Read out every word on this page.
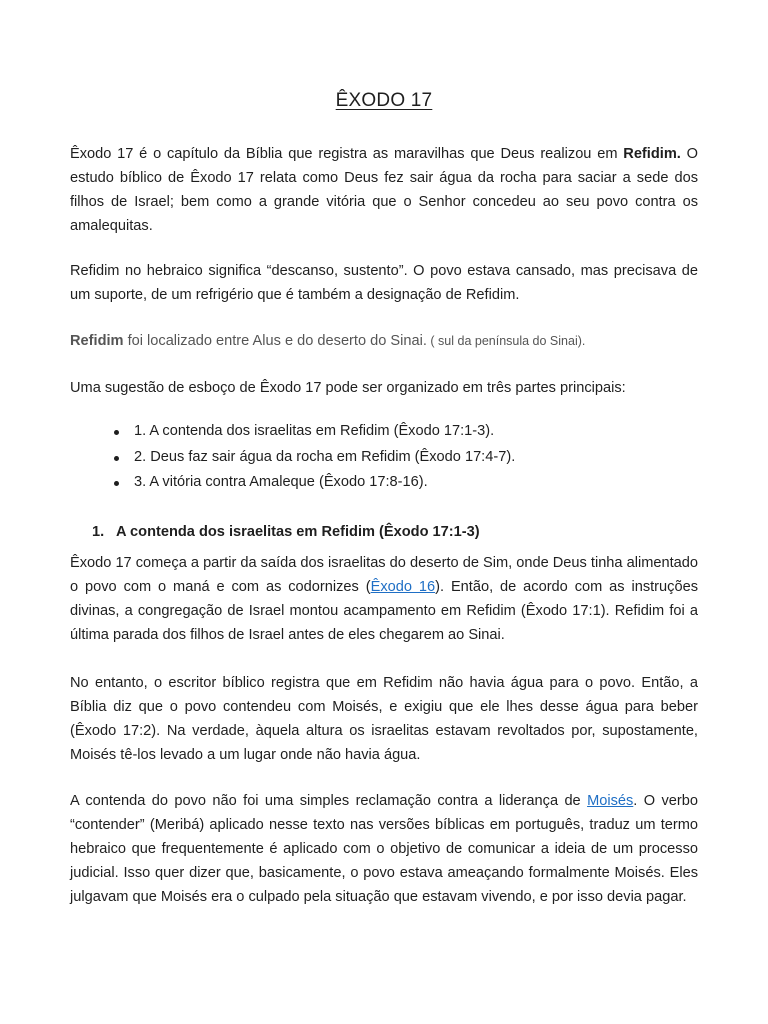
ÊXODO 17

Êxodo 17 é o capítulo da Bíblia que registra as maravilhas que Deus realizou em Refidim. O estudo bíblico de Êxodo 17 relata como Deus fez sair água da rocha para saciar a sede dos filhos de Israel; bem como a grande vitória que o Senhor concedeu ao seu povo contra os amalequitas.

Refidim no hebraico significa “descanso, sustento”. O povo estava cansado, mas precisava de um suporte, de um refrigério que é também a designação de Refidim.

Refidim foi localizado entre Alus e do deserto do Sinai. ( sul da península do Sinai).

Uma sugestão de esboço de Êxodo 17 pode ser organizado em três partes principais:

1. A contenda dos israelitas em Refidim (Êxodo 17:1-3).
2. Deus faz sair água da rocha em Refidim (Êxodo 17:4-7).
3. A vitória contra Amaleque (Êxodo 17:8-16).
1. A contenda dos israelitas em Refidim (Êxodo 17:1-3)

Êxodo 17 começa a partir da saída dos israelitas do deserto de Sim, onde Deus tinha alimentado o povo com o maná e com as codornizes (Êxodo 16). Então, de acordo com as instruções divinas, a congregação de Israel montou acampamento em Refidim (Êxodo 17:1). Refidim foi a última parada dos filhos de Israel antes de eles chegarem ao Sinai.

No entanto, o escritor bíblico registra que em Refidim não havia água para o povo. Então, a Bíblia diz que o povo contendeu com Moisés, e exigiu que ele lhes desse água para beber (Êxodo 17:2). Na verdade, àquela altura os israelitas estavam revoltados por, supostamente, Moisés tê-los levado a um lugar onde não havia água.

A contenda do povo não foi uma simples reclamação contra a liderança de Moisés. O verbo “contender” (Meribá) aplicado nesse texto nas versões bíblicas em português, traduz um termo hebraico que frequentemente é aplicado com o objetivo de comunicar a ideia de um processo judicial. Isso quer dizer que, basicamente, o povo estava ameaçando formalmente Moisés. Eles julgavam que Moisés era o culpado pela situação que estavam vivendo, e por isso devia pagar.
